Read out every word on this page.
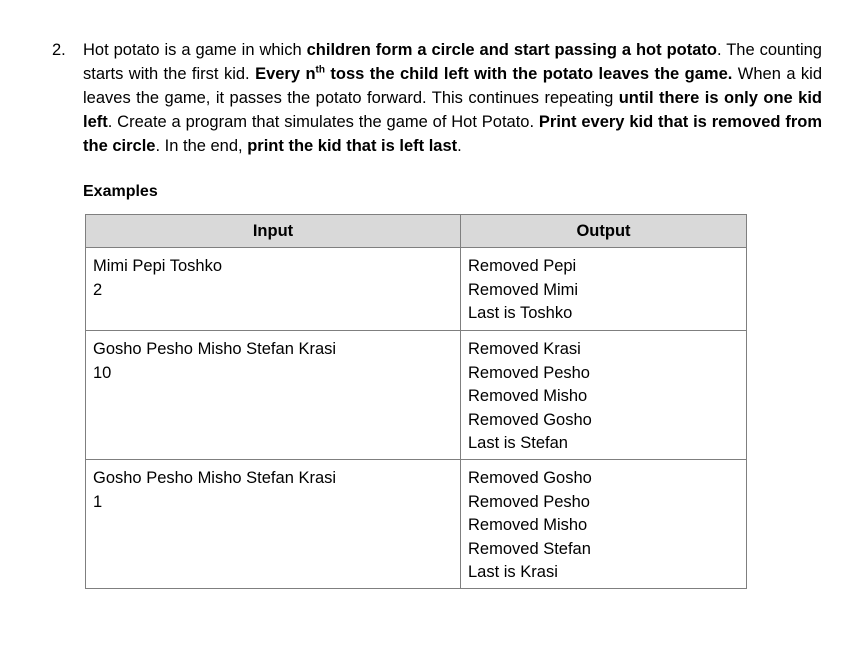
2. Hot potato is a game in which children form a circle and start passing a hot potato. The counting starts with the first kid. Every $n^{th}$ toss the child left with the potato leaves the game. When a kid leaves the game, it passes the potato forward. This continues repeating until there is only one kid left. Create a program that simulates the game of Hot Potato. Print every kid that is removed from the circle. In the end, print the kid that is left last.
Examples
Input	Output

Mimi Pepi Toshko
2	Removed Pepi
Removed Mimi
Last is Toshko

Gosho Pesho Misho Stefan Krasi
10	Removed Krasi
Removed Pesho
Removed Misho
Removed Gosho
Last is Stefan

Gosho Pesho Misho Stefan Krasi
1	Removed Gosho
Removed Pesho
Removed Misho
Removed Stefan
Last is Krasi
